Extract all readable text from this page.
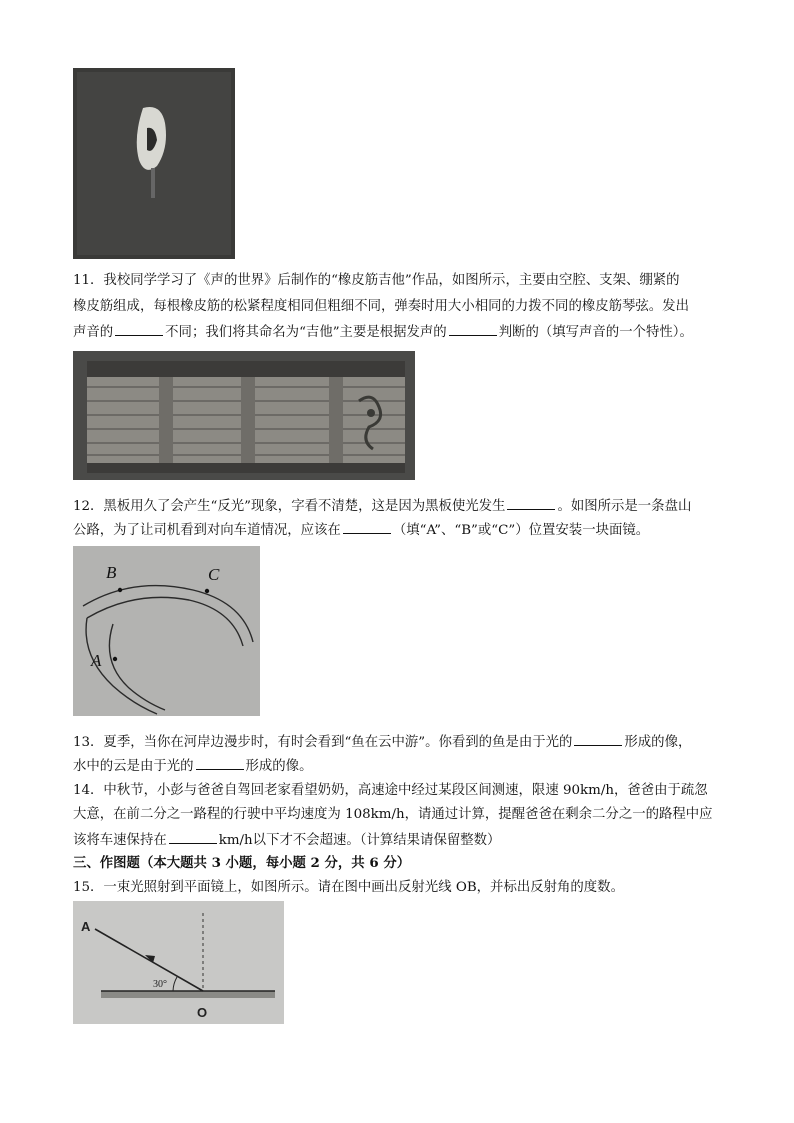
11．我校同学学习了《声的世界》后制作的“橡皮筋吉他”作品，如图所示，主要由空腔、支架、绷紧的
橡皮筋组成，每根橡皮筋的松紧程度相同但粗细不同，弹奏时用大小相同的力拨不同的橡皮筋琴弦。发出
声音的	不同；我们将其命名为“吉他”主要是根据发声的	判断的（填写声音的一个特性）。
12．黑板用久了会产生“反光”现象，字看不清楚，这是因为黑板使光发生	。如图所示是一条盘山
公路，为了让司机看到对向车道情况，应该在	（填“A”、“B”或“C”）位置安装一块面镜。
B	C
A
13．夏季，当你在河岸边漫步时，有时会看到“鱼在云中游”。你看到的鱼是由于光的	形成的像，
水中的云是由于光的	形成的像。
14．中秋节，小彭与爸爸自驾回老家看望奶奶，高速途中经过某段区间测速，限速 90km/h，爸爸由于疏忽
大意，在前二分之一路程的行驶中平均速度为 108km/h，请通过计算，提醒爸爸在剩余二分之一的路程中应
该将车速保持在	km/h以下才不会超速。（计算结果请保留整数）
三、作图题（本大题共 3 小题，每小题 2 分，共 6 分）
15．一束光照射到平面镜上，如图所示。请在图中画出反射光线 OB，并标出反射角的度数。
30°
A
O
